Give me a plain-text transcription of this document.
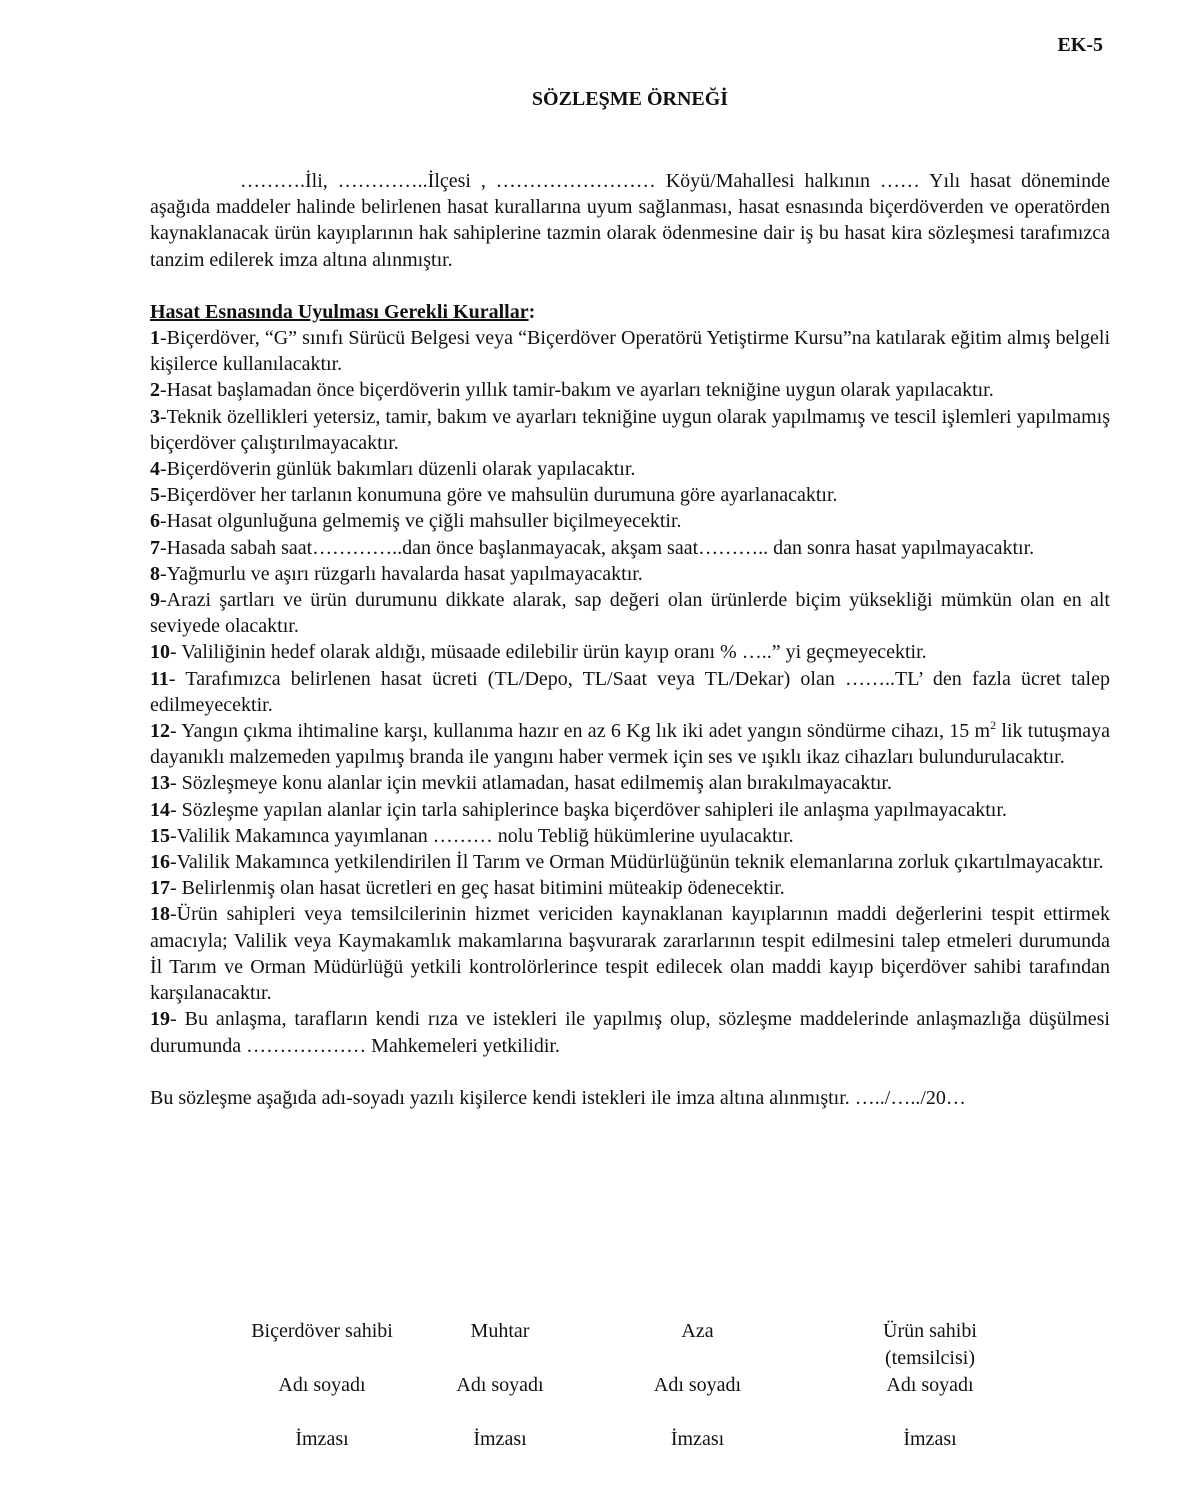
EK-5
SÖZLEŞME ÖRNEĞİ

……….İli, …………..İlçesi , …………………… Köyü/Mahallesi halkının …… Yılı hasat döneminde aşağıda maddeler halinde belirlenen hasat kurallarına uyum sağlanması, hasat esnasında biçerdöverden ve operatörden kaynaklanacak ürün kayıplarının hak sahiplerine tazmin olarak ödenmesine dair iş bu hasat kira sözleşmesi tarafımızca tanzim edilerek imza altına alınmıştır.

Hasat Esnasında Uyulması Gerekli Kurallar:

1-Biçerdöver, “G” sınıfı Sürücü Belgesi veya “Biçerdöver Operatörü Yetiştirme Kursu”na katılarak eğitim almış belgeli kişilerce kullanılacaktır.

2-Hasat başlamadan önce biçerdöverin yıllık tamir-bakım ve ayarları tekniğine uygun olarak yapılacaktır.

3-Teknik özellikleri yetersiz, tamir, bakım ve ayarları tekniğine uygun olarak yapılmamış ve tescil işlemleri yapılmamış biçerdöver çalıştırılmayacaktır.

4-Biçerdöverin günlük bakımları düzenli olarak yapılacaktır.

5-Biçerdöver her tarlanın konumuna göre ve mahsulün durumuna göre ayarlanacaktır.

6-Hasat olgunluğuna gelmemiş ve çiğli mahsuller biçilmeyecektir.

7-Hasada sabah saat…………..dan önce başlanmayacak, akşam saat……….. dan sonra hasat yapılmayacaktır.

8-Yağmurlu ve aşırı rüzgarlı havalarda hasat yapılmayacaktır.

9-Arazi şartları ve ürün durumunu dikkate alarak, sap değeri olan ürünlerde biçim yüksekliği mümkün olan en alt seviyede olacaktır.

10- Valiliğinin hedef olarak aldığı, müsaade edilebilir ürün kayıp oranı % …..” yi geçmeyecektir.

11- Tarafımızca belirlenen hasat ücreti (TL/Depo, TL/Saat veya TL/Dekar) olan ……..TL’ den fazla ücret talep edilmeyecektir.

12- Yangın çıkma ihtimaline karşı, kullanıma hazır en az 6 Kg lık iki adet yangın söndürme cihazı, 15 $m^2$ lik tutuşmaya dayanıklı malzemeden yapılmış branda ile yangını haber vermek için ses ve ışıklı ikaz cihazları bulundurulacaktır.

13- Sözleşmeye konu alanlar için mevkii atlamadan, hasat edilmemiş alan bırakılmayacaktır.

14- Sözleşme yapılan alanlar için tarla sahiplerince başka biçerdöver sahipleri ile anlaşma yapılmayacaktır.

15-Valilik Makamınca yayımlanan ……… nolu Tebliğ hükümlerine uyulacaktır.

16-Valilik Makamınca yetkilendirilen İl Tarım ve Orman Müdürlüğünün teknik elemanlarına zorluk çıkartılmayacaktır.

17- Belirlenmiş olan hasat ücretleri en geç hasat bitimini müteakip ödenecektir.

18-Ürün sahipleri veya temsilcilerinin hizmet vericiden kaynaklanan kayıplarının maddi değerlerini tespit ettirmek amacıyla; Valilik veya Kaymakamlık makamlarına başvurarak zararlarının tespit edilmesini talep etmeleri durumunda İl Tarım ve Orman Müdürlüğü yetkili kontrolörlerince tespit edilecek olan maddi kayıp biçerdöver sahibi tarafından karşılanacaktır.

19- Bu anlaşma, tarafların kendi rıza ve istekleri ile yapılmış olup, sözleşme maddelerinde anlaşmazlığa düşülmesi durumunda ……………… Mahkemeleri yetkilidir.

Bu sözleşme aşağıda adı-soyadı yazılı kişilerce kendi istekleri ile imza altına alınmıştır. …../…../20…

Biçerdöver sahibi
Adı soyadı
İmzası
Muhtar
Adı soyadı
İmzası
Aza
Adı soyadı
İmzası
Ürün sahibi (temsilcisi)
Adı soyadı
İmzası
